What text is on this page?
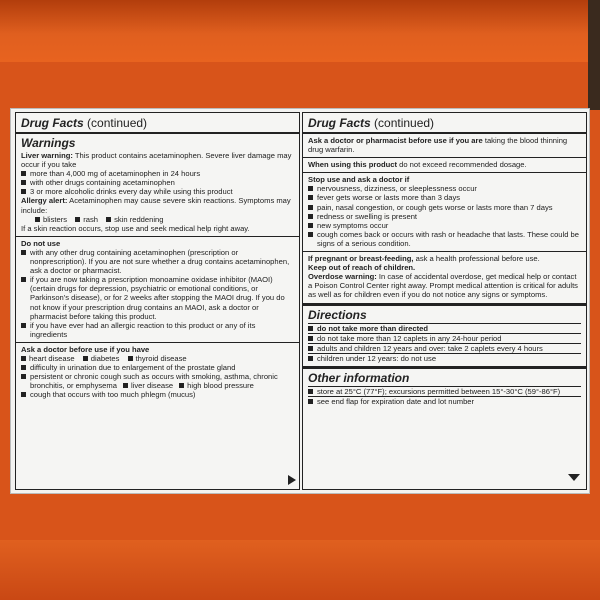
Drug Facts (continued)
Warnings

Liver warning: This product contains acetaminophen. Severe liver damage may occur if you take

more than 4,000 mg of acetaminophen in 24 hours
with other drugs containing acetaminophen
3 or more alcoholic drinks every day while using this product

Allergy alert: Acetaminophen may cause severe skin reactions. Symptoms may include:

blisters rash skin reddening

If a skin reaction occurs, stop use and seek medical help right away.

Do not use

with any other drug containing acetaminophen (prescription or nonprescription). If you are not sure whether a drug contains acetaminophen, ask a doctor or pharmacist.
if you are now taking a prescription monoamine oxidase inhibitor (MAOI) (certain drugs for depression, psychiatric or emotional conditions, or Parkinson's disease), or for 2 weeks after stopping the MAOI drug. If you do not know if your prescription drug contains an MAOI, ask a doctor or pharmacist before taking this product.
if you have ever had an allergic reaction to this product or any of its ingredients

Ask a doctor before use if you have

heart disease diabetes thyroid disease
difficulty in urination due to enlargement of the prostate gland
persistent or chronic cough such as occurs with smoking, asthma, chronic bronchitis, or emphysema liver disease high blood pressure
cough that occurs with too much phlegm (mucus)
Drug Facts (continued)

Ask a doctor or pharmacist before use if you are taking the blood thinning drug warfarin.

When using this product do not exceed recommended dosage.

Stop use and ask a doctor if

nervousness, dizziness, or sleeplessness occur
fever gets worse or lasts more than 3 days
pain, nasal congestion, or cough gets worse or lasts more than 7 days
redness or swelling is present
new symptoms occur
cough comes back or occurs with rash or headache that lasts. These could be signs of a serious condition.

If pregnant or breast-feeding, ask a health professional before use.

Keep out of reach of children.

Overdose warning: In case of accidental overdose, get medical help or contact a Poison Control Center right away. Prompt medical attention is critical for adults as well as for children even if you do not notice any signs or symptoms.

Directions
do not take more than directed
do not take more than 12 caplets in any 24-hour period
adults and children 12 years and over: take 2 caplets every 4 hours
children under 12 years: do not use
Other information
store at 25°C (77°F); excursions permitted between 15°-30°C (59°-86°F)
see end flap for expiration date and lot number
